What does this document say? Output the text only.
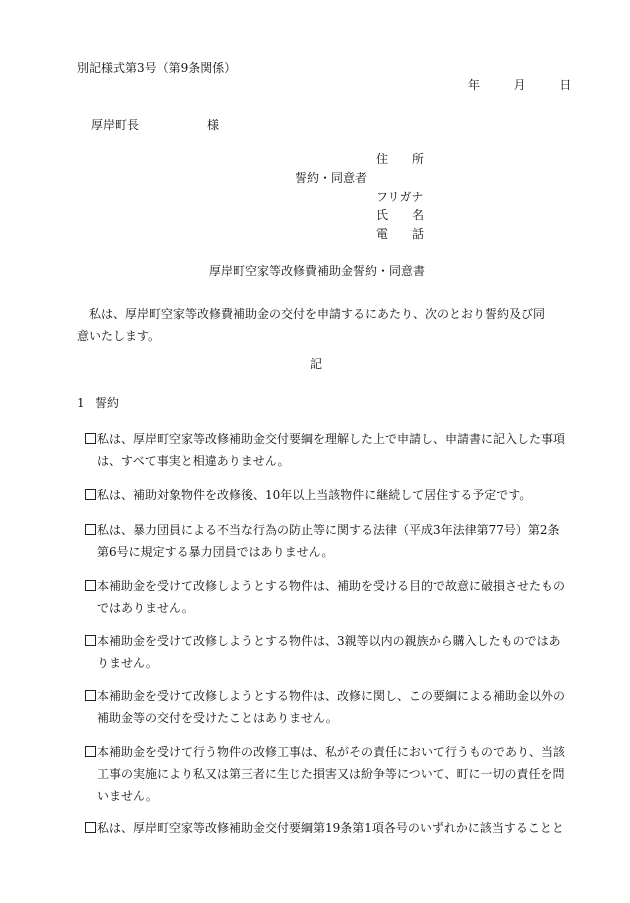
別記様式第3号（第9条関係）
年	月	日
厚岸町長	様
誓約・同意者
住　　所
フリガナ
氏　　名
電　　話
厚岸町空家等改修費補助金誓約・同意書
私は、厚岸町空家等改修費補助金の交付を申請するにあたり、次のとおり誓約及び同意いたします。
記
1 誓約
私は、厚岸町空家等改修補助金交付要綱を理解した上で申請し、申請書に記入した事項は、すべて事実と相違ありません。
私は、補助対象物件を改修後、10年以上当該物件に継続して居住する予定です。
私は、暴力団員による不当な行為の防止等に関する法律（平成3年法律第77号）第2条第6号に規定する暴力団員ではありません。
本補助金を受けて改修しようとする物件は、補助を受ける目的で故意に破損させたものではありません。
本補助金を受けて改修しようとする物件は、3親等以内の親族から購入したものではありません。
本補助金を受けて改修しようとする物件は、改修に関し、この要綱による補助金以外の補助金等の交付を受けたことはありません。
本補助金を受けて行う物件の改修工事は、私がその責任において行うものであり、当該工事の実施により私又は第三者に生じた損害又は紛争等について、町に一切の責任を問いません。
私は、厚岸町空家等改修補助金交付要綱第19条第1項各号のいずれかに該当することと
